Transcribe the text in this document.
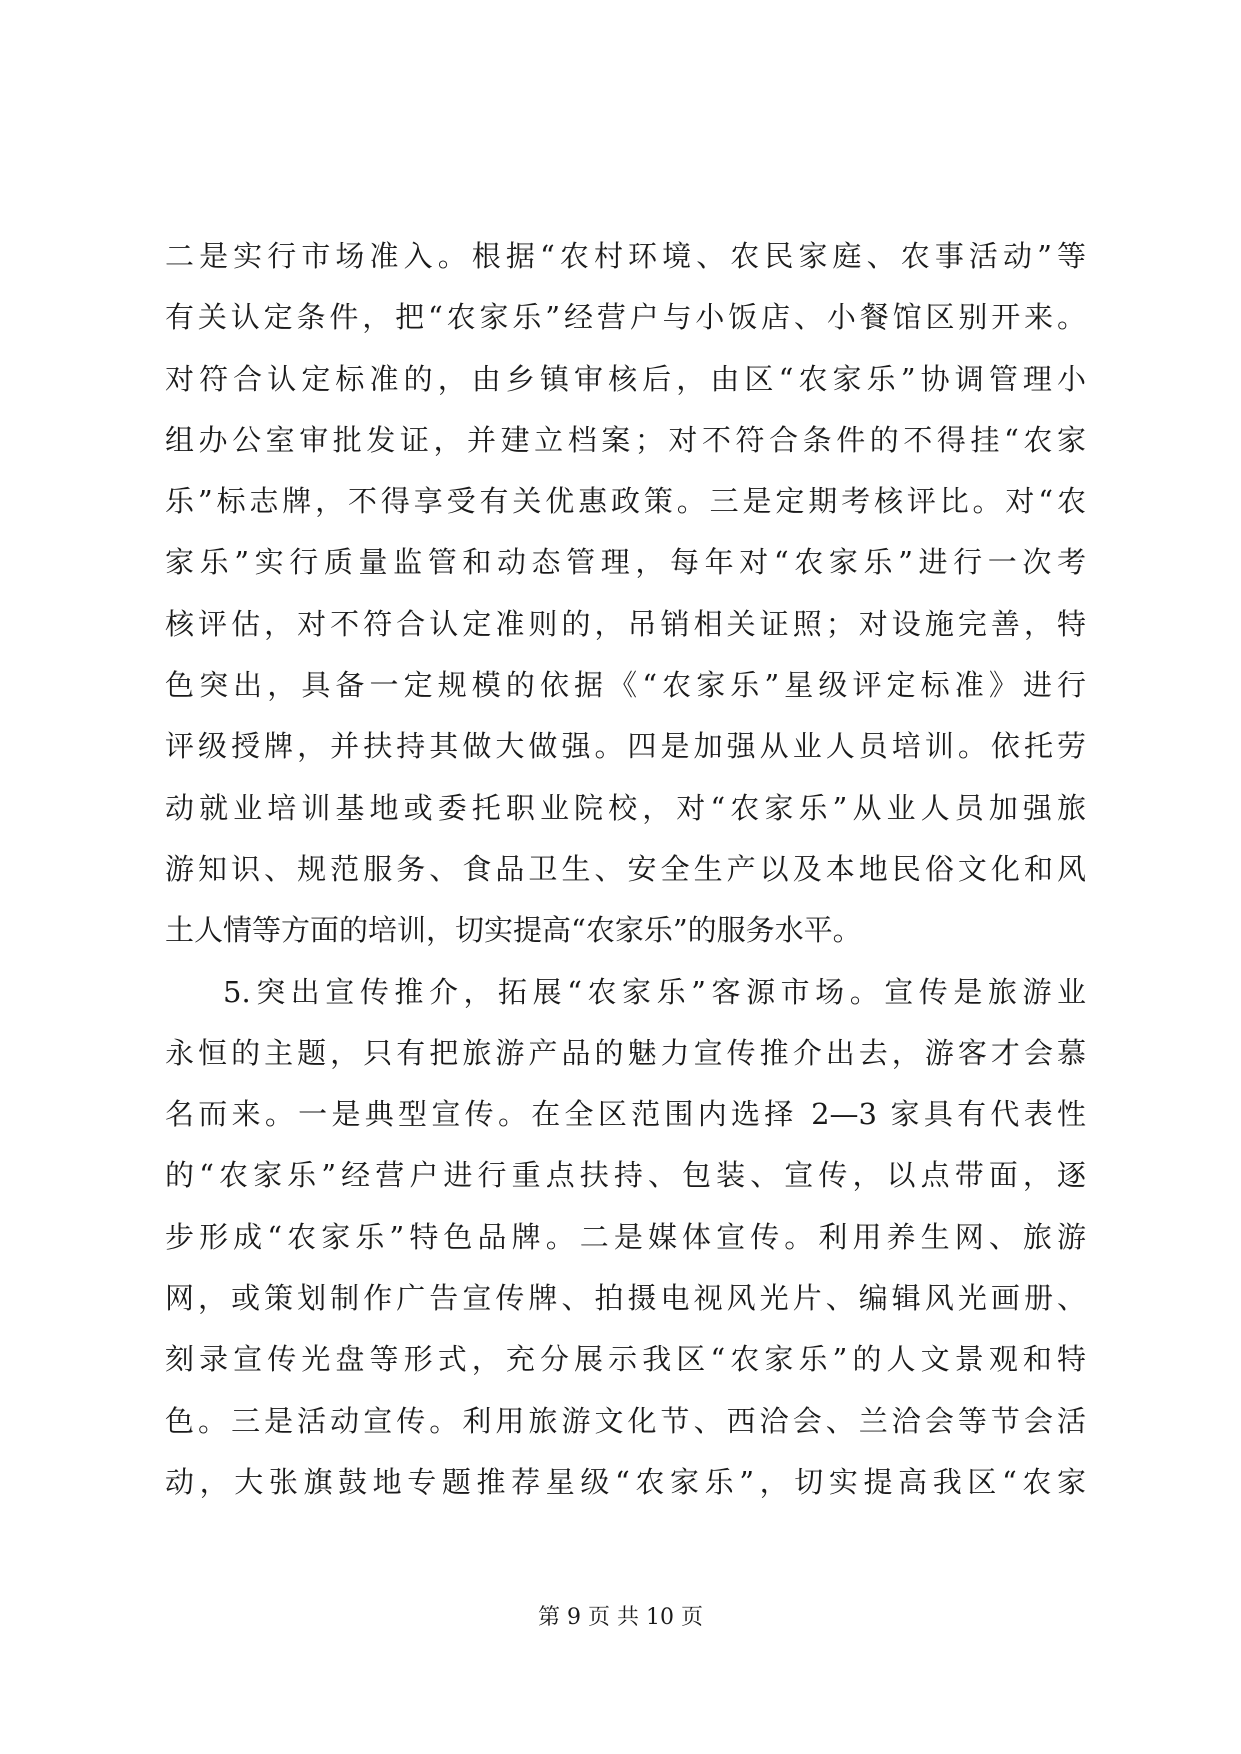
二是实行市场准入。根据“农村环境、农民家庭、农事活动”等
有关认定条件，把“农家乐”经营户与小饭店、小餐馆区别开来。
对符合认定标准的，由乡镇审核后，由区“农家乐”协调管理小
组办公室审批发证，并建立档案；对不符合条件的不得挂“农家
乐”标志牌，不得享受有关优惠政策。三是定期考核评比。对“农
家乐”实行质量监管和动态管理，每年对“农家乐”进行一次考
核评估，对不符合认定准则的，吊销相关证照；对设施完善，特
色突出，具备一定规模的依据《“农家乐”星级评定标准》进行
评级授牌，并扶持其做大做强。四是加强从业人员培训。依托劳
动就业培训基地或委托职业院校，对“农家乐”从业人员加强旅
游知识、规范服务、食品卫生、安全生产以及本地民俗文化和风
土人情等方面的培训，切实提高“农家乐”的服务水平。
5.突出宣传推介，拓展“农家乐”客源市场。宣传是旅游业
永恒的主题，只有把旅游产品的魅力宣传推介出去，游客才会慕
名而来。一是典型宣传。在全区范围内选择 2—3 家具有代表性
的“农家乐”经营户进行重点扶持、包装、宣传，以点带面，逐
步形成“农家乐”特色品牌。二是媒体宣传。利用养生网、旅游
网，或策划制作广告宣传牌、拍摄电视风光片、编辑风光画册、
刻录宣传光盘等形式，充分展示我区“农家乐”的人文景观和特
色。三是活动宣传。利用旅游文化节、西洽会、兰洽会等节会活
动，大张旗鼓地专题推荐星级“农家乐”，切实提高我区“农家
第 9 页 共 10 页
